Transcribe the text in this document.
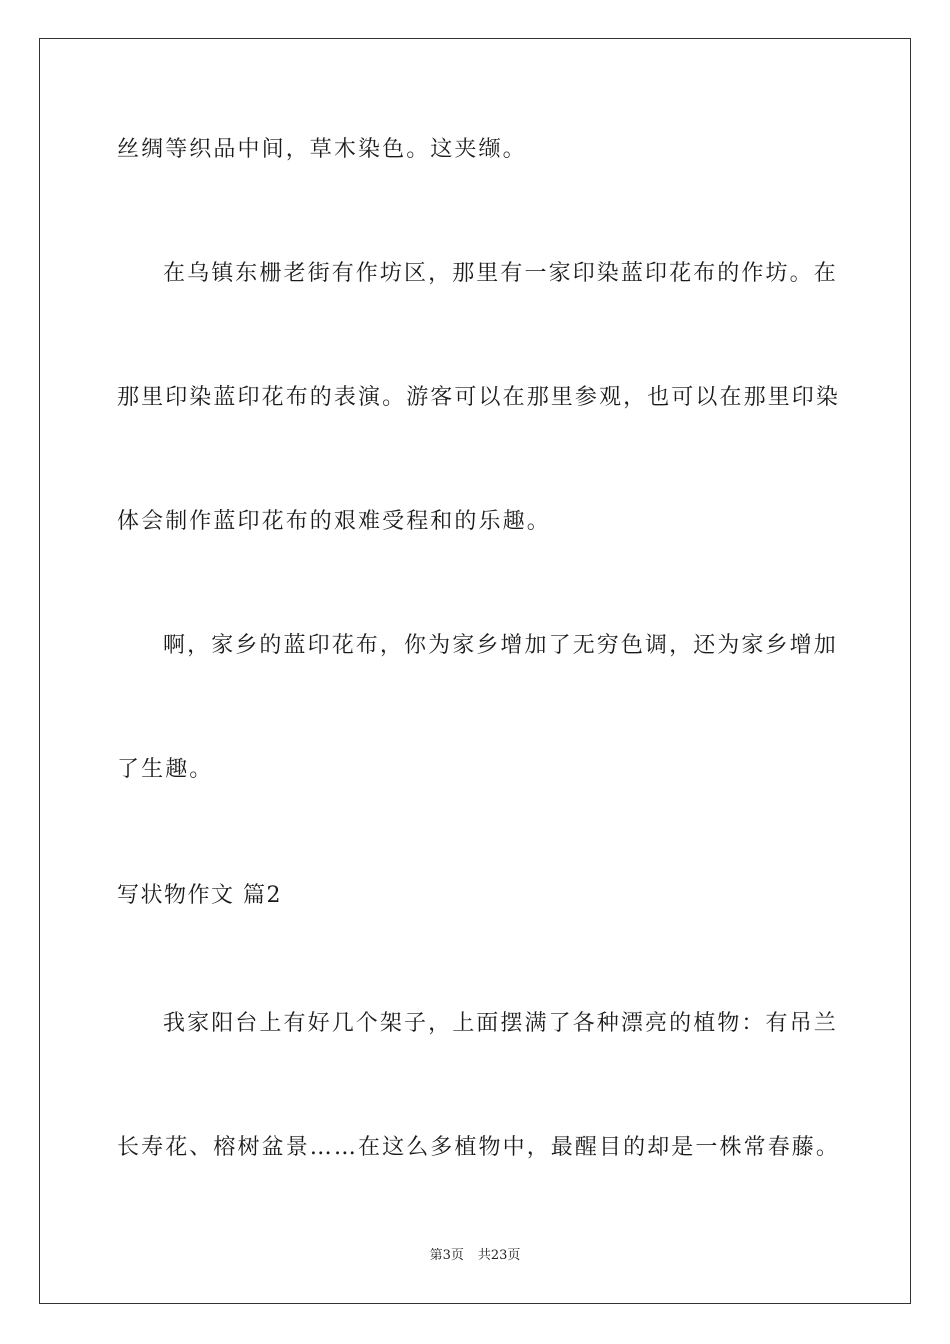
丝绸等织品中间，草木染色。这夹缬。
在乌镇东栅老街有作坊区，那里有一家印染蓝印花布的作坊。在
那里印染蓝印花布的表演。游客可以在那里参观，也可以在那里印染
体会制作蓝印花布的艰难受程和的乐趣。
啊，家乡的蓝印花布，你为家乡增加了无穷色调，还为家乡增加
了生趣。
写状物作文 篇2
我家阳台上有好几个架子，上面摆满了各种漂亮的植物：有吊兰
长寿花、榕树盆景……在这么多植物中，最醒目的却是一株常春藤。
第3页 共23页
